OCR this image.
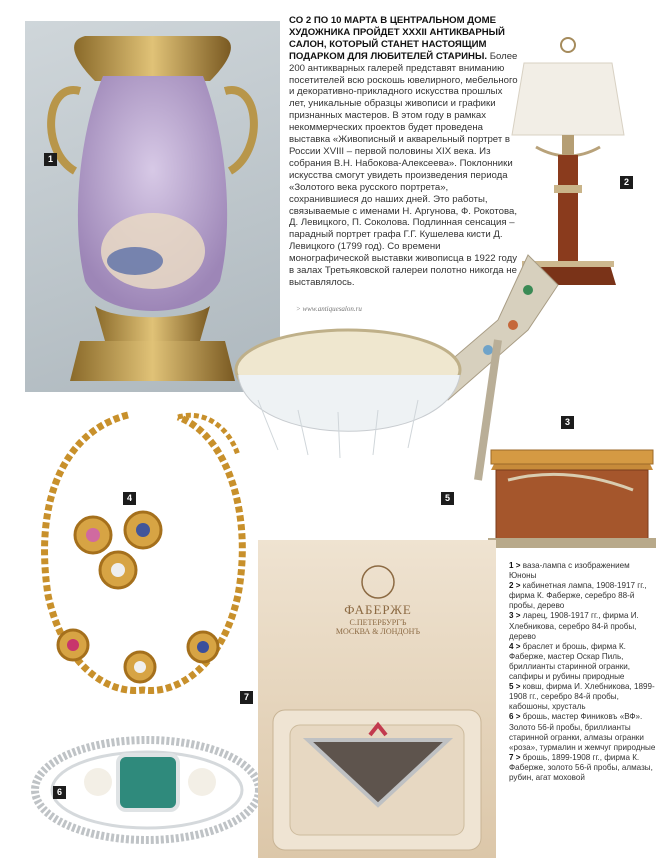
1
СО 2 ПО 10 МАРТА В ЦЕНТРАЛЬНОМ ДОМЕ ХУДОЖНИКА ПРОЙДЕТ XXXII АНТИКВАРНЫЙ САЛОН, КОТОРЫЙ СТАНЕТ НАСТОЯЩИМ ПОДАРКОМ ДЛЯ ЛЮБИТЕЛЕЙ СТАРИНЫ. Более 200 антикварных галерей представят вниманию посетителей всю роскошь ювелирного, мебельного и декоративно-прикладного искусства прошлых лет, уникальные образцы живописи и графики признанных мастеров. В этом году в рамках некоммерческих проектов будет проведена выставка «Живописный и акварельный портрет в России XVIII – первой половины XIX века. Из собрания В.Н. Набокова-Алексеева». Поклонники искусства смогут увидеть произведения периода «Золотого века русского портрета», сохранившиеся до наших дней. Это работы, связываемые с именами Н. Аргунова, Ф. Рокотова, Д. Левицкого, П. Соколова. Подлинная сенсация – парадный портрет графа Г.Г. Кушелева кисти Д. Левицкого (1799 год). Со времени монографической выставки живописца в 1922 году в залах Третьяковской галереи полотно никогда не выставлялось.
> www.antiquesalon.ru
2
5
3
4
6
ФАБЕРЖЕ
С.ПЕТЕРБУРГЪ
МОСКВА & ЛОНДОНЪ
7
1 > ваза-лампа с изображением Юноны
2 > кабинетная лампа, 1908-1917 гг., фирма К. Фаберже, серебро 88-й пробы, дерево
3 > ларец, 1908-1917 гг., фирма И. Хлебникова, серебро 84-й пробы, дерево
4 > браслет и брошь, фирма К. Фаберже, мастер Оскар Пиль, бриллианты старинной огранки, сапфиры и рубины природные
5 > ковш, фирма И. Хлебникова, 1899-1908 гг., серебро 84-й пробы, кабошоны, хрусталь
6 > брошь, мастер Финиковъ «ВФ». Золото 56-й пробы, бриллианты старинной огранки, алмазы огранки «роза», турмалин и жемчуг природные
7 > брошь, 1899-1908 гг., фирма К. Фаберже, золото 56-й пробы, алмазы, рубин, агат моховой
